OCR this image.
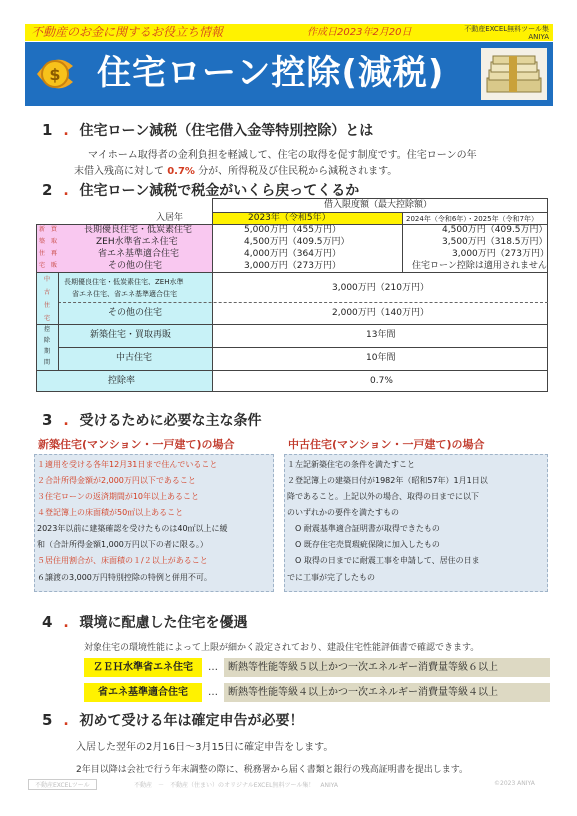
不動産のお金に関するお役立ち情報	作成日2023年2月20日	不動産EXCEL無料ツール集
ANIYA
$ 住宅ローン控除(減税)
1 . 住宅ローン減税（住宅借入金等特別控除）とは
マイホーム取得者の金利負担を軽減して、住宅の取得を促す制度です。住宅ローンの年
末借入残高に対して 0.7% 分が、所得税及び住民税から減税されます。
2 . 住宅ローン減税で税金がいくら戻ってくるか
借入限度額（最大控除額）
入居年	2023年（令和5年）	2024年（令和6年）・2025年（令和7年）
新
築
住
宅
買
取
再
販
長期優良住宅・低炭素住宅	5,000万円（455万円）	4,500万円（409.5万円）
ZEH水準省エネ住宅	4,500万円（409.5万円）	3,500万円（318.5万円）
省エネ基準適合住宅	4,000万円（364万円）	3,000万円（273万円）
その他の住宅	3,000万円（273万円）	住宅ローン控除は適用されません
中
古
住
宅
長期優良住宅・低炭素住宅、ZEH水準
省エネ住宅、省エネ基準適合住宅
3,000万円（210万円）
その他の住宅	2,000万円（140万円）
控
除
期
間
新築住宅・買取再販	13年間
中古住宅	10年間
控除率	0.7%
3 . 受けるために必要な主な条件
新築住宅(マンション・一戸建て)の場合	中古住宅(マンション・一戸建て)の場合
１適用を受ける各年12月31日まで住んでいること
２合計所得金額が2,000万円以下であること
３住宅ローンの返済期間が10年以上あること
４登記簿上の床面積が50㎡以上あること
2023年以前に建築確認を受けたものは40㎡以上に緩
和（合計所得金額1,000万円以下の者に限る。）
５居住用割合が、床面積の１/２以上があること
６譲渡の3,000万円特別控除の特例と併用不可。
１左記新築住宅の条件を満たすこと
２登記簿上の建築日付が1982年（昭和57年）1月1日以
降であること。上記以外の場合、取得の日までに以下
のいずれかの要件を満たすもの
O 耐震基準適合証明書が取得できたもの
O 既存住宅売買瑕疵保険に加入したもの
O 取得の日までに耐震工事を申請して、居住の日ま
でに工事が完了したもの
4 . 環境に配慮した住宅を優遇
対象住宅の環境性能によって上限が細かく設定されており、建設住宅性能評価書で確認できます。
ＺＥＨ水準省エネ住宅	…	断熱等性能等級５以上かつ一次エネルギー消費量等級６以上
省エネ基準適合住宅	…	断熱等性能等級４以上かつ一次エネルギー消費量等級４以上
5 . 初めて受ける年は確定申告が必要！
入居した翌年の2月16日～3月15日に確定申告をします。
2年目以降は会社で行う年末調整の際に、税務署から届く書類と銀行の残高証明書を提出します。
不動産EXCELツール	不動産　－　不動産（住まい）のオリジナルEXCEL無料ツール集！　ANIYA	©2023 ANIYA
